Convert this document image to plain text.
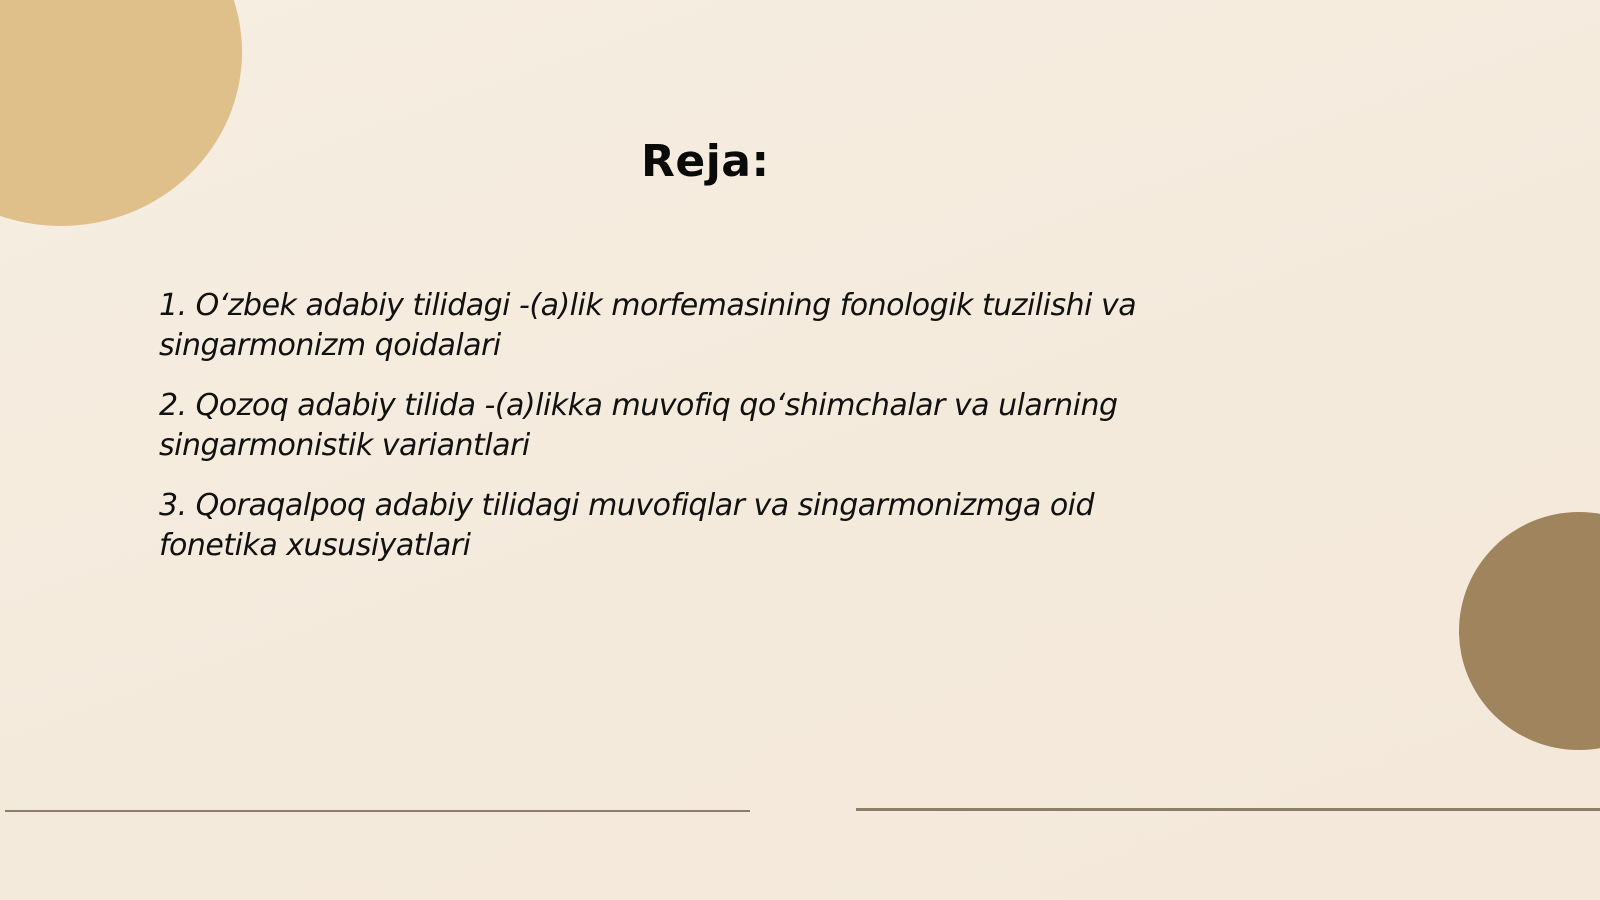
Reja:
1. O‘zbek adabiy tilidagi -(a)lik morfemasining fonologik tuzilishi va singarmonizm qoidalari
2. Qozoq adabiy tilida -(a)likka muvofiq qo‘shimchalar va ularning singarmonistik variantlari
3. Qoraqalpoq adabiy tilidagi muvofiqlar va singarmonizmga oid fonetika xususiyatlari
